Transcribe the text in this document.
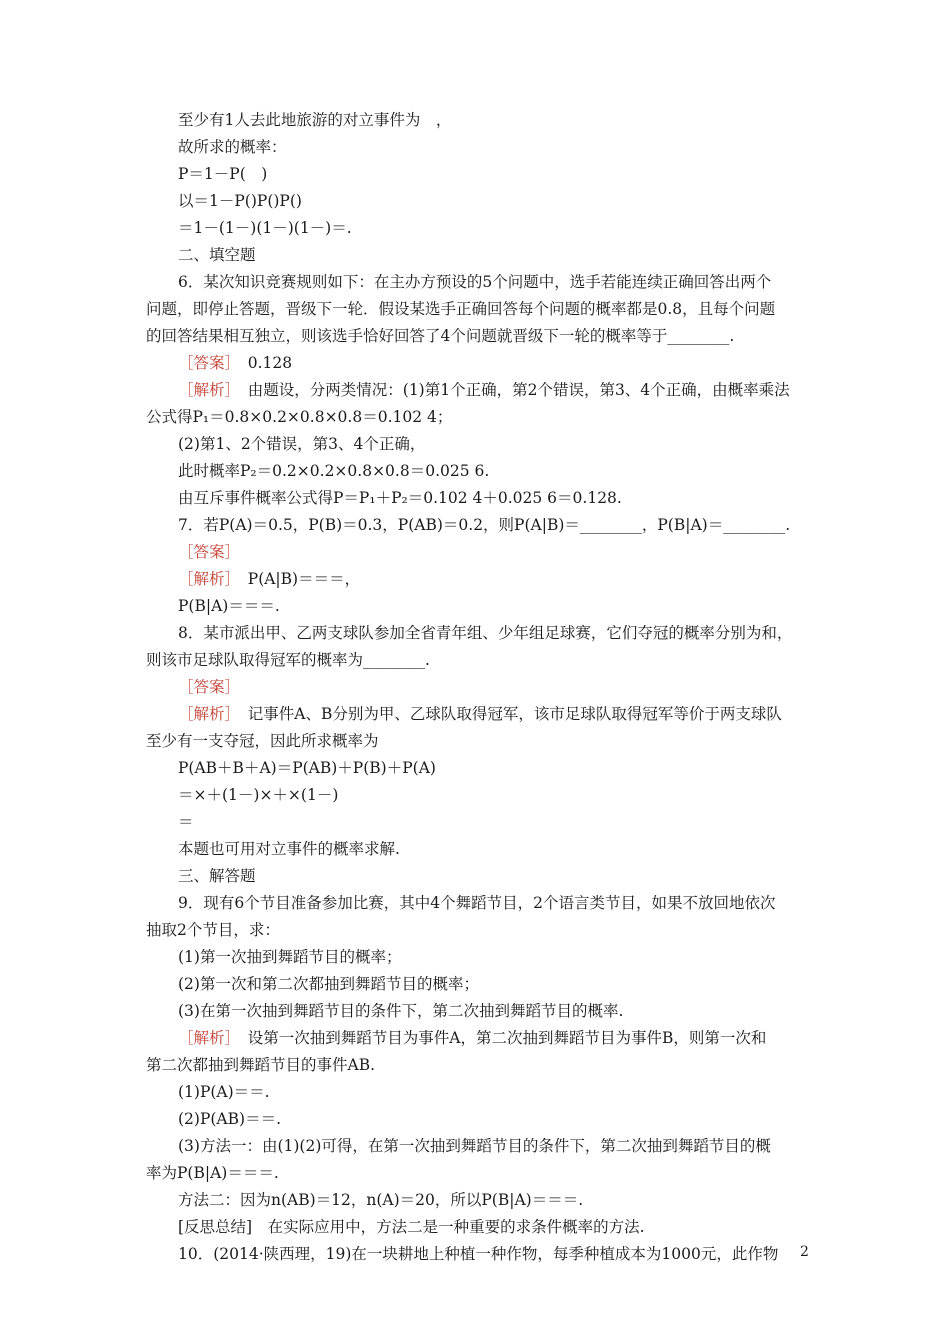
至少有1人去此地旅游的对立事件为　，
故所求的概率：
P＝1－P(　)
以＝1－P()P()P()
＝1－(1－)(1－)(1－)＝.
二、填空题
6．某次知识竞赛规则如下：在主办方预设的5个问题中，选手若能连续正确回答出两个
问题，即停止答题，晋级下一轮．假设某选手正确回答每个问题的概率都是0.8，且每个问题
的回答结果相互独立，则该选手恰好回答了4个问题就晋级下一轮的概率等于________.
［答案］　0.128
［解析］　由题设，分两类情况：(1)第1个正确，第2个错误，第3、4个正确，由概率乘法
公式得P₁＝0.8×0.2×0.8×0.8＝0.102 4；
(2)第1、2个错误，第3、4个正确，
此时概率P₂＝0.2×0.2×0.8×0.8＝0.025 6.
由互斥事件概率公式得P＝P₁＋P₂＝0.102 4＋0.025 6＝0.128.
7．若P(A)＝0.5，P(B)＝0.3，P(AB)＝0.2，则P(A|B)＝________，P(B|A)＝________.
［答案］
［解析］　P(A|B)＝＝＝，
P(B|A)＝＝＝.
8．某市派出甲、乙两支球队参加全省青年组、少年组足球赛，它们夺冠的概率分别为和，
则该市足球队取得冠军的概率为________.
［答案］
［解析］　记事件A、B分别为甲、乙球队取得冠军，该市足球队取得冠军等价于两支球队
至少有一支夺冠，因此所求概率为
P(AB＋B＋A)＝P(AB)＋P(B)＋P(A)
＝×＋(1－)×＋×(1－)
＝
本题也可用对立事件的概率求解.
三、解答题
9．现有6个节目准备参加比赛，其中4个舞蹈节目，2个语言类节目，如果不放回地依次
抽取2个节目，求：
(1)第一次抽到舞蹈节目的概率；
(2)第一次和第二次都抽到舞蹈节目的概率；
(3)在第一次抽到舞蹈节目的条件下，第二次抽到舞蹈节目的概率.
［解析］　设第一次抽到舞蹈节目为事件A，第二次抽到舞蹈节目为事件B，则第一次和
第二次都抽到舞蹈节目的事件AB.
(1)P(A)＝＝.
(2)P(AB)＝＝.
(3)方法一：由(1)(2)可得，在第一次抽到舞蹈节目的条件下，第二次抽到舞蹈节目的概
率为P(B|A)＝＝＝.
方法二：因为n(AB)＝12，n(A)＝20，所以P(B|A)＝＝＝.
[反思总结]　在实际应用中，方法二是一种重要的求条件概率的方法.
10．(2014·陕西理，19)在一块耕地上种植一种作物，每季种植成本为1000元，此作物 2
